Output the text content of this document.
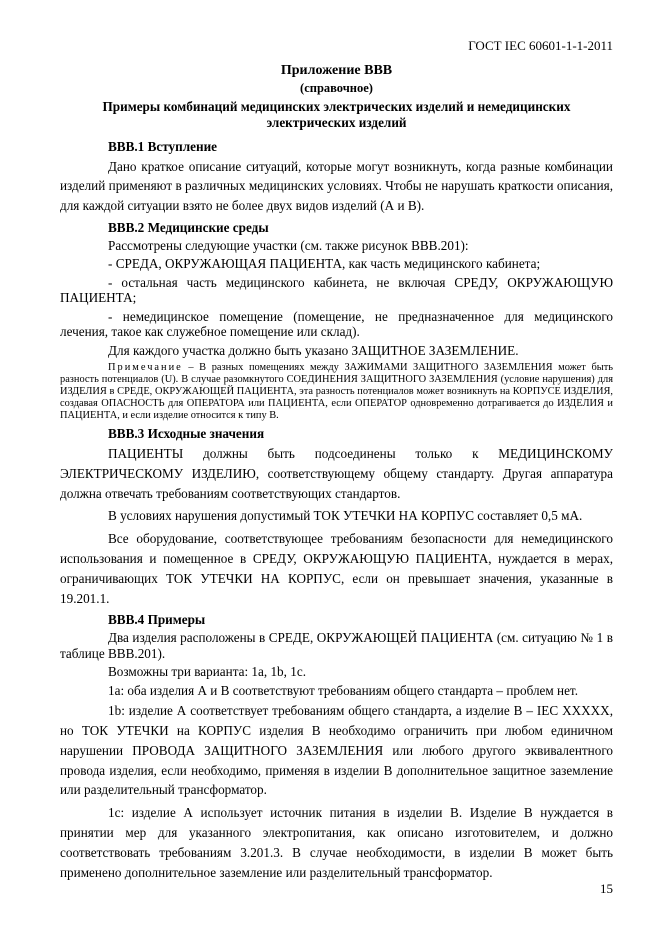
ГОСТ IEC 60601-1-1-2011

Приложение ВВВ

(справочное)

Примеры комбинаций медицинских электрических изделий и немедицинских электрических изделий

ВВВ.1 Вступление

Дано краткое описание ситуаций, которые могут возникнуть, когда разные комбинации изделий применяют в различных медицинских условиях. Чтобы не нарушать краткости описания, для каждой ситуации взято не более двух видов изделий (А и В).

ВВВ.2 Медицинские среды

Рассмотрены следующие участки (см. также рисунок ВВВ.201):

- СРЕДА, ОКРУЖАЮЩАЯ ПАЦИЕНТА, как часть медицинского кабинета;

- остальная часть медицинского кабинета, не включая СРЕДУ, ОКРУЖАЮЩУЮ ПАЦИЕНТА;

- немедицинское помещение (помещение, не предназначенное для медицинского лечения, такое как служебное помещение или склад).

Для каждого участка должно быть указано ЗАЩИТНОЕ ЗАЗЕМЛЕНИЕ.

Примечание – В разных помещениях между ЗАЖИМАМИ ЗАЩИТНОГО ЗАЗЕМЛЕНИЯ может быть разность потенциалов (U). В случае разомкнутого СОЕДИНЕНИЯ ЗАЩИТНОГО ЗАЗЕМЛЕНИЯ (условие нарушения) для ИЗДЕЛИЯ в СРЕДЕ, ОКРУЖАЮЩЕЙ ПАЦИЕНТА, эта разность потенциалов может возникнуть на КОРПУСЕ ИЗДЕЛИЯ, создавая ОПАСНОСТЬ для ОПЕРАТОРА или ПАЦИЕНТА, если ОПЕРАТОР одновременно дотрагивается до ИЗДЕЛИЯ и ПАЦИЕНТА, и если изделие относится к типу В.

ВВВ.3 Исходные значения

ПАЦИЕНТЫ должны быть подсоединены только к МЕДИЦИНСКОМУ ЭЛЕКТРИЧЕСКОМУ ИЗДЕЛИЮ, соответствующему общему стандарту. Другая аппаратура должна отвечать требованиям соответствующих стандартов.

В условиях нарушения допустимый ТОК УТЕЧКИ НА КОРПУС составляет 0,5 мА.

Все оборудование, соответствующее требованиям безопасности для немедицинского использования и помещенное в СРЕДУ, ОКРУЖАЮЩУЮ ПАЦИЕНТА, нуждается в мерах, ограничивающих ТОК УТЕЧКИ НА КОРПУС, если он превышает значения, указанные в 19.201.1.

ВВВ.4 Примеры

Два изделия расположены в СРЕДЕ, ОКРУЖАЮЩЕЙ ПАЦИЕНТА (см. ситуацию № 1 в таблице ВВВ.201).

Возможны три варианта: 1а, 1b, 1c.

1а: оба изделия А и В соответствуют требованиям общего стандарта – проблем нет.

1b: изделие А соответствует требованиям общего стандарта, а изделие В – IEC XXXXX, но ТОК УТЕЧКИ на КОРПУС изделия В необходимо ограничить при любом единичном нарушении ПРОВОДА ЗАЩИТНОГО ЗАЗЕМЛЕНИЯ или любого другого эквивалентного провода изделия, если необходимо, применяя в изделии В дополнительное защитное заземление или разделительный трансформатор.

1с: изделие А использует источник питания в изделии В. Изделие В нуждается в принятии мер для указанного электропитания, как описано изготовителем, и должно соответствовать требованиям 3.201.3. В случае необходимости, в изделии В может быть применено дополнительное заземление или разделительный трансформатор.

15
